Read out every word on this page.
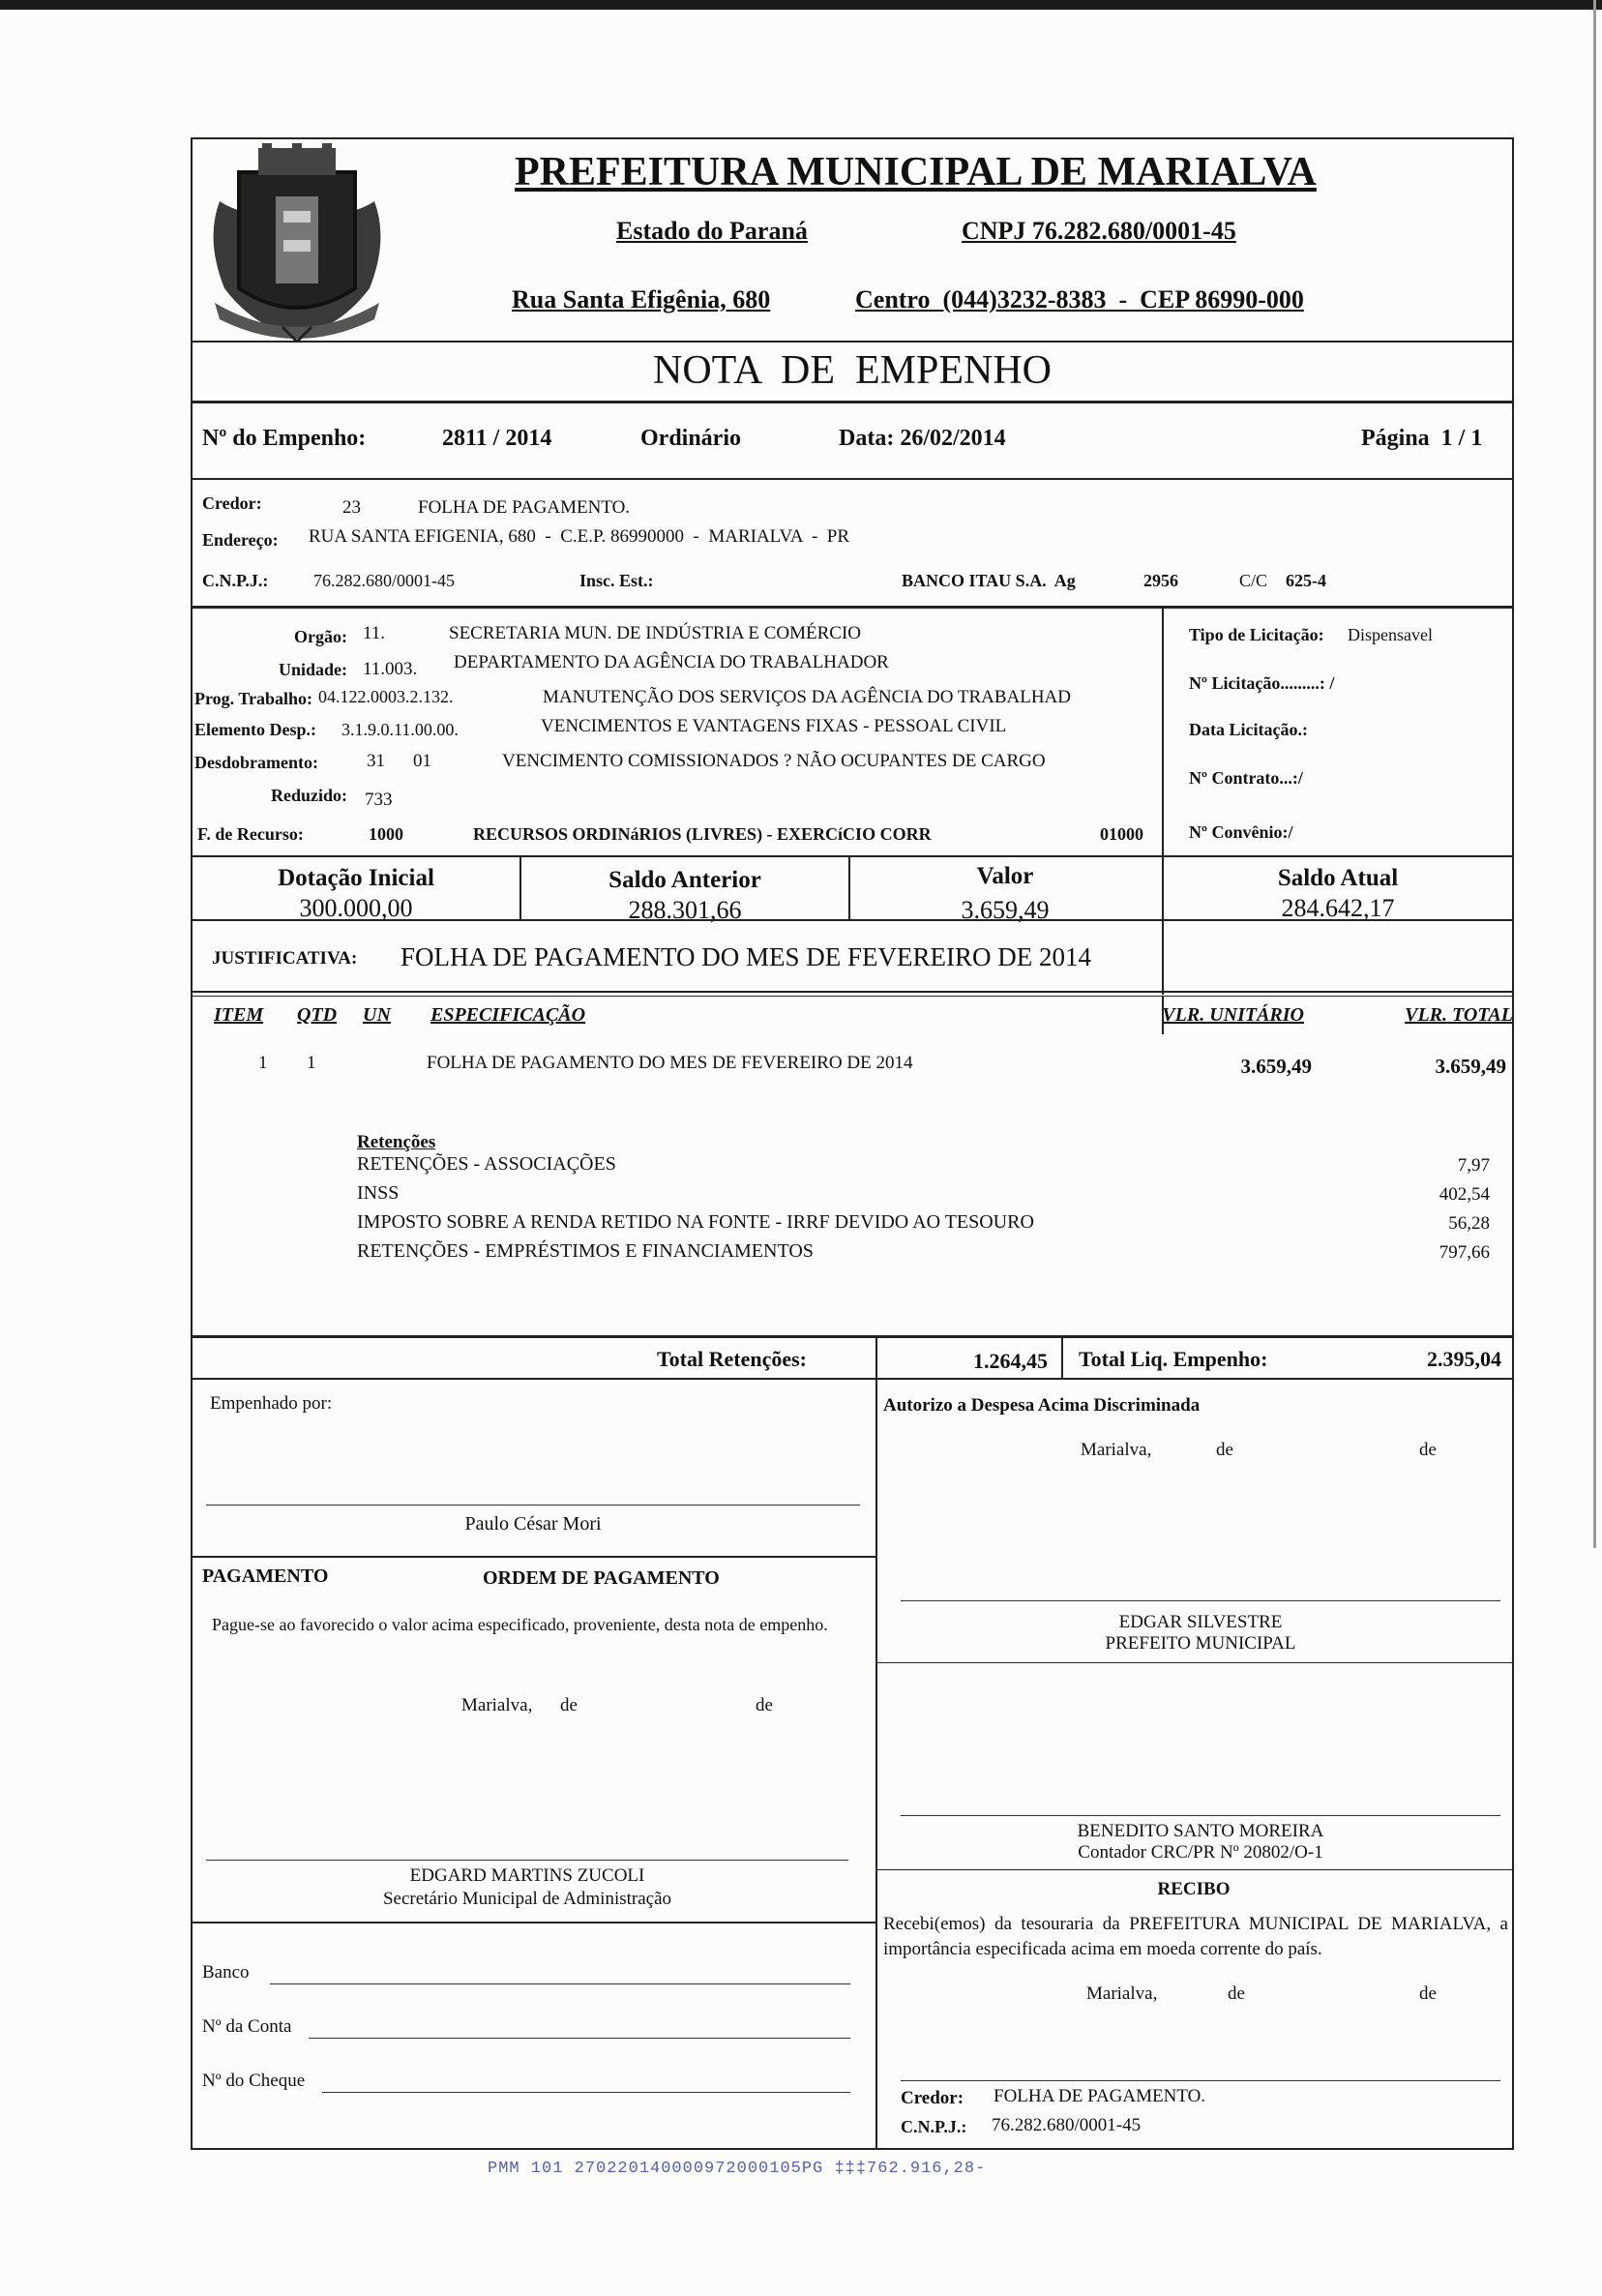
PREFEITURA MUNICIPAL DE MARIALVA
Estado do Paraná	CNPJ 76.282.680/0001-45
Rua Santa Efigênia, 680	Centro  (044)3232-8383  -  CEP 86990-000
NOTA  DE  EMPENHO
Nº do Empenho:	2811 / 2014	Ordinário	Data: 26/02/2014	Página  1 / 1
Credor:	23	FOLHA DE PAGAMENTO.
Endereço: RUA SANTA EFIGENIA, 680  -  C.E.P. 86990000  -  MARIALVA  -  PR
C.N.P.J.:	76.282.680/0001-45	Insc. Est.:	BANCO ITAU S.A.  Ag	2956	C/C 625-4
Orgão: 11.	SECRETARIA MUN. DE INDÚSTRIA E COMÉRCIO
Unidade: 11.003. DEPARTAMENTO DA AGÊNCIA DO TRABALHADOR
Prog. Trabalho: 04.122.0003.2.132.	MANUTENÇÃO DOS SERVIÇOS DA AGÊNCIA DO TRABALHAD
Elemento Desp.: 3.1.9.0.11.00.00.	VENCIMENTOS E VANTAGENS FIXAS - PESSOAL CIVIL
Desdobramento:	31 01	VENCIMENTO COMISSIONADOS ? NÃO OCUPANTES DE CARGO
Reduzido: 733
F. de Recurso:	1000	RECURSOS ORDINáRIOS (LIVRES) - EXERCíCIO CORR	01000
Tipo de Licitação: Dispensavel
Nº Licitação.........: /
Data Licitação.:
Nº Contrato...:/
Nº Convênio:/
Dotação Inicial
300.000,00
Saldo Anterior
288.301,66
Valor
3.659,49
Saldo Atual
284.642,17
JUSTIFICATIVA: FOLHA DE PAGAMENTO DO MES DE FEVEREIRO DE 2014
ITEM QTD UN ESPECIFICAÇÃO	VLR. UNITÁRIO	VLR. TOTAL
1 1	FOLHA DE PAGAMENTO DO MES DE FEVEREIRO DE 2014	3.659,49	3.659,49
Retenções
RETENÇÕES - ASSOCIAÇÕES	7,97
INSS	402,54
IMPOSTO SOBRE A RENDA RETIDO NA FONTE - IRRF DEVIDO AO TESOURO	56,28
RETENÇÕES - EMPRÉSTIMOS E FINANCIAMENTOS	797,66
Total Retenções:	1.264,45 Total Liq. Empenho:	2.395,04
Empenhado por:
Paulo César Mori
PAGAMENTO	ORDEM DE PAGAMENTO
Pague-se ao favorecido o valor acima especificado, proveniente, desta nota de empenho.
Marialva, de	de
EDGARD MARTINS ZUCOLI
Secretário Municipal de Administração
Banco
Nº da Conta
Nº do Cheque
Autorizo a Despesa Acima Discriminada
Marialva,	de	de
EDGAR SILVESTRE
PREFEITO MUNICIPAL
BENEDITO SANTO MOREIRA
Contador CRC/PR Nº 20802/O-1
RECIBO
Recebi(emos) da tesouraria da PREFEITURA MUNICIPAL DE MARIALVA, a importância especificada acima em moeda corrente do país.
Marialva,	de	de
Credor: FOLHA DE PAGAMENTO.
C.N.P.J.: 76.282.680/0001-45
PMM 101 270220140000972000105PG ‡‡‡762.916,28-
